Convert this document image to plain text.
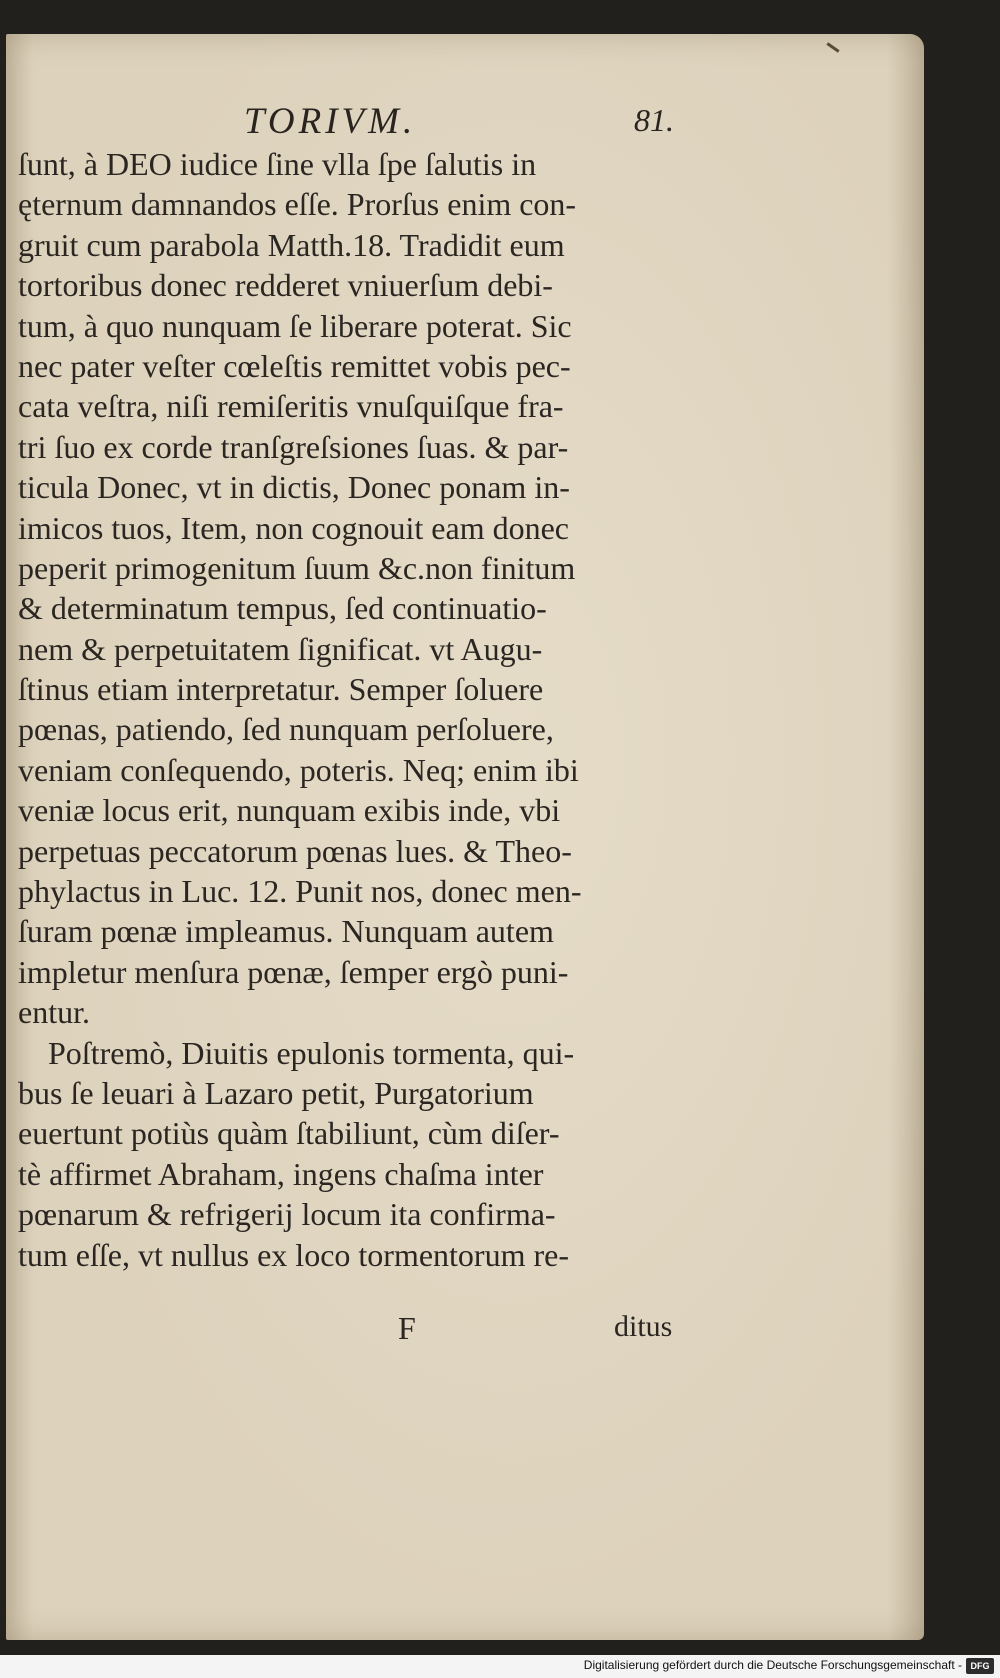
TORIVM.	81.
ſunt, à DEO iudice ſine vlla ſpe ſalutis in
ęternum damnandos eſſe. Prorſus enim con-
gruit cum parabola Matth.18. Tradidit eum
tortoribus donec redderet vniuerſum debi-
tum, à quo nunquam ſe liberare poterat. Sic
nec pater veſter cœleſtis remittet vobis pec-
cata veſtra, niſi remiſeritis vnuſquiſque fra-
tri ſuo ex corde tranſgreſsiones ſuas. & par-
ticula Donec, vt in dictis, Donec ponam in-
imicos tuos, Item, non cognouit eam donec
peperit primogenitum ſuum &c.non finitum
& determinatum tempus, ſed continuatio-
nem & perpetuitatem ſignificat. vt Augu-
ſtinus etiam interpretatur. Semper ſoluere
pœnas, patiendo, ſed nunquam perſoluere,
veniam conſequendo, poteris. Neq; enim ibi
veniæ locus erit, nunquam exibis inde, vbi
perpetuas peccatorum pœnas lues. & Theo-
phylactus in Luc. 12. Punit nos, donec men-
ſuram pœnæ impleamus. Nunquam autem
impletur menſura pœnæ, ſemper ergò puni-
entur.
Poſtremò, Diuitis epulonis tormenta, qui-
bus ſe leuari à Lazaro petit, Purgatorium
euertunt potiùs quàm ſtabiliunt, cùm diſer-
tè affirmet Abraham, ingens chaſma inter
pœnarum & refrigerij locum ita confirma-
tum eſſe, vt nullus ex loco tormentorum re-
F	ditus
Digitalisierung gefördert durch die Deutsche Forschungsgemeinschaft - DFG
